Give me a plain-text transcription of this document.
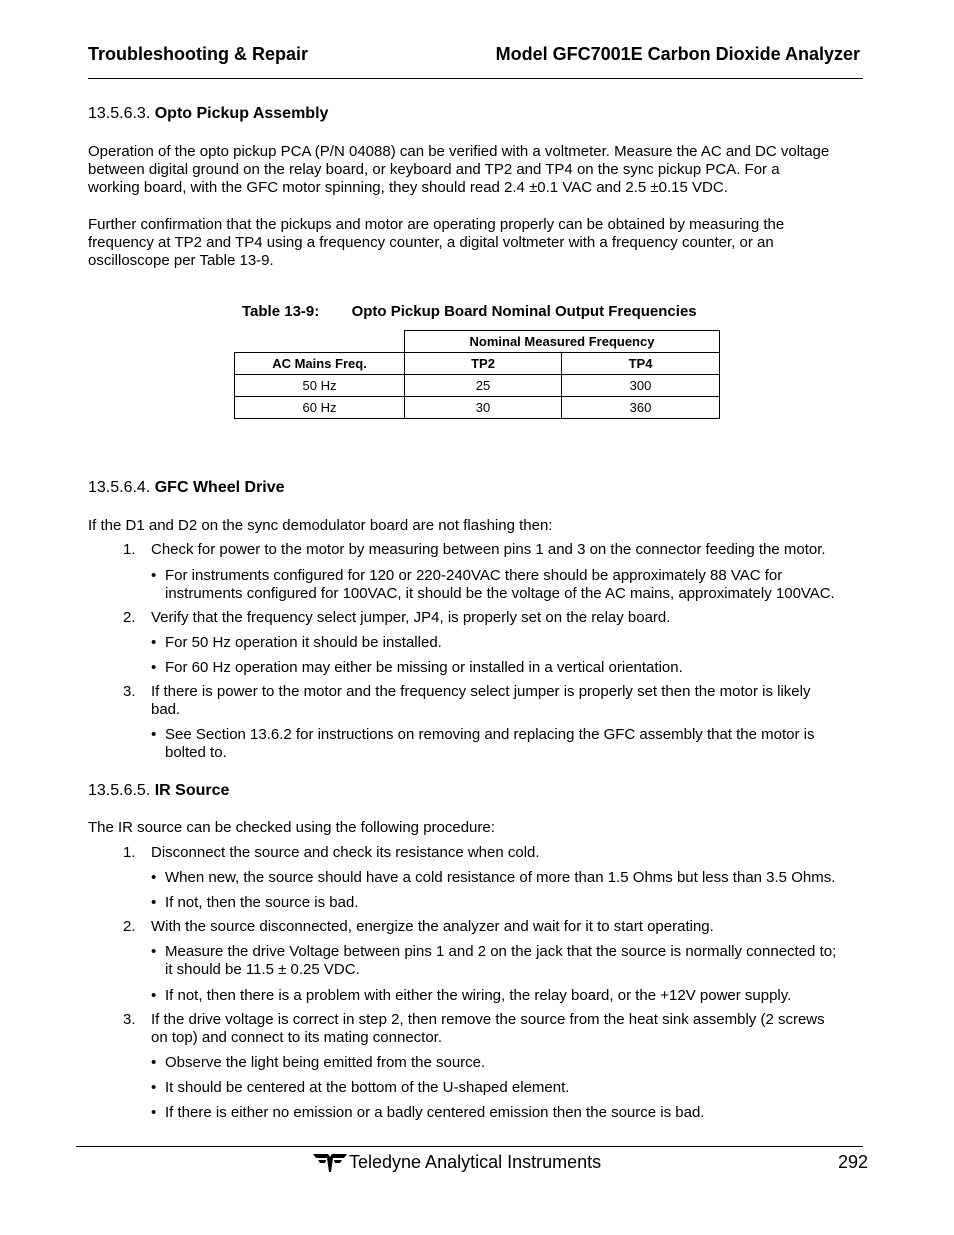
Troubleshooting & Repair	Model GFC7001E Carbon Dioxide Analyzer
13.5.6.3. Opto Pickup Assembly
Operation of the opto pickup PCA (P/N 04088) can be verified with a voltmeter. Measure the AC and DC voltage
between digital ground on the relay board, or keyboard and TP2 and TP4 on the sync pickup PCA. For a
working board, with the GFC motor spinning, they should read 2.4 ±0.1 VAC and 2.5 ±0.15 VDC.
Further confirmation that the pickups and motor are operating properly can be obtained by measuring the
frequency at TP2 and TP4 using a frequency counter, a digital voltmeter with a frequency counter, or an
oscilloscope per Table 13-9.
Table 13-9: Opto Pickup Board Nominal Output Frequencies
	Nominal Measured Frequency	
AC Mains Freq.	TP2	TP4
50 Hz	25	300
60 Hz	30	360
13.5.6.4. GFC Wheel Drive
If the D1 and D2 on the sync demodulator board are not flashing then:
1. Check for power to the motor by measuring between pins 1 and 3 on the connector feeding the motor.
• For instruments configured for 120 or 220-240VAC there should be approximately 88 VAC for
instruments configured for 100VAC, it should be the voltage of the AC mains, approximately 100VAC.
2. Verify that the frequency select jumper, JP4, is properly set on the relay board.
• For 50 Hz operation it should be installed.
• For 60 Hz operation may either be missing or installed in a vertical orientation.
3. If there is power to the motor and the frequency select jumper is properly set then the motor is likely
bad.
• See Section 13.6.2 for instructions on removing and replacing the GFC assembly that the motor is
bolted to.
13.5.6.5. IR Source
The IR source can be checked using the following procedure:
1. Disconnect the source and check its resistance when cold.
• When new, the source should have a cold resistance of more than 1.5 Ohms but less than 3.5 Ohms.
• If not, then the source is bad.
2. With the source disconnected, energize the analyzer and wait for it to start operating.
• Measure the drive Voltage between pins 1 and 2 on the jack that the source is normally connected to;
it should be 11.5 ± 0.25 VDC.
• If not, then there is a problem with either the wiring, the relay board, or the +12V power supply.
3. If the drive voltage is correct in step 2, then remove the source from the heat sink assembly (2 screws
on top) and connect to its mating connector.
• Observe the light being emitted from the source.
• It should be centered at the bottom of the U-shaped element.
• If there is either no emission or a badly centered emission then the source is bad.
Teledyne Analytical Instruments	292
